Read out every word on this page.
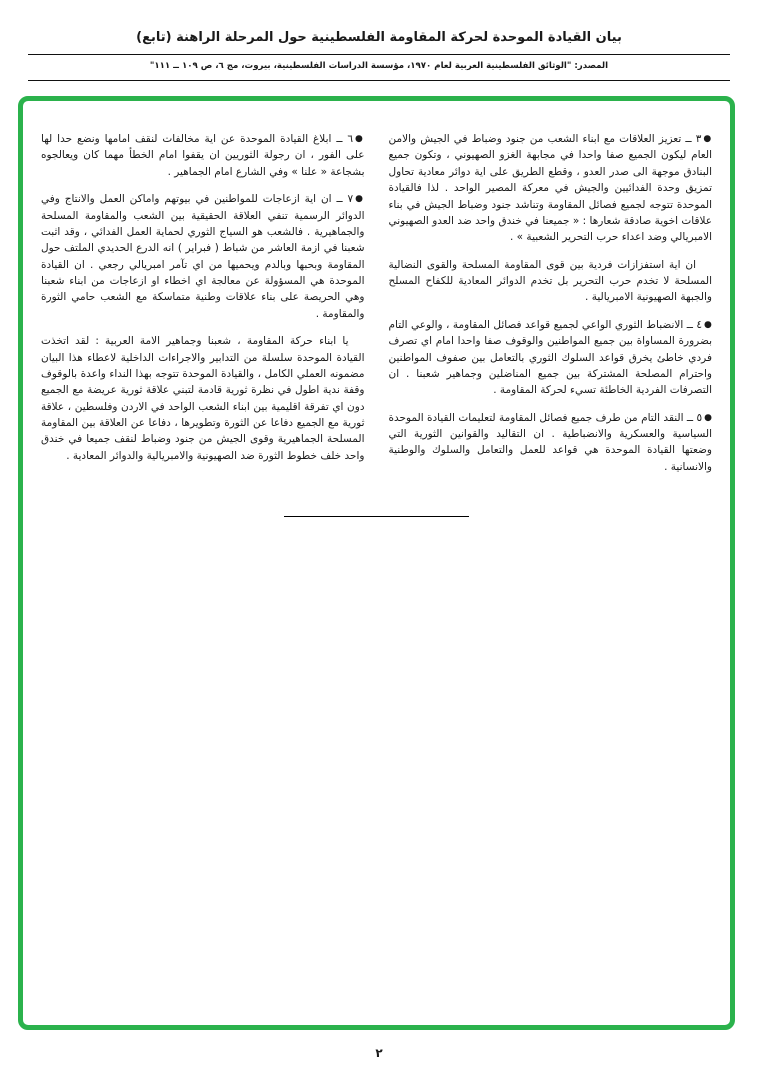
(تابع) بيان القيادة الموحدة لحركة المقاومة الفلسطينية حول المرحلة الراهنة
المصدر: "الوثائق الفلسطينية العربية لعام ١٩٧٠، مؤسسة الدراسات الفلسطينية، بيروت، مج ٦، ص ١٠٩ ــ ١١١"

●٣ ــ تعزيز العلاقات مع ابناء الشعب من جنود وضباط في الجيش والامن العام ليكون الجميع صفا واحدا في مجابهة الغزو الصهيوني ، وتكون جميع البنادق موجهة الى صدر العدو ، وقطع الطريق على اية دوائر معادية تحاول تمزيق وحدة الفدائيين والجيش في معركة المصير الواحد . لذا فالقيادة الموحدة تتوجه لجميع فصائل المقاومة وتناشد جنود وضباط الجيش في بناء علاقات اخوية صادقة شعارها : « جميعنا في خندق واحد ضد العدو الصهيوني الامبريالي وضد اعداء حرب التحرير الشعبية » .

ان اية استفزازات فردية بين قوى المقاومة المسلحة والقوى النضالية المسلحة لا تخدم حرب التحرير بل تخدم الدوائر المعادية للكفاح المسلح والجبهة الصهيونية الامبريالية .

●٤ ــ الانضباط الثوري الواعي لجميع قواعد فصائل المقاومة ، والوعي التام بضرورة المساواة بين جميع المواطنين والوقوف صفا واحدا امام اي تصرف فردي خاطئ يخرق قواعد السلوك الثوري بالتعامل بين صفوف المواطنين واحترام المصلحة المشتركة بين جميع المناضلين وجماهير شعبنا . ان التصرفات الفردية الخاطئة تسيء لحركة المقاومة .

●٥ ــ النقد التام من طرف جميع فصائل المقاومة لتعليمات القيادة الموحدة السياسية والعسكرية والانضباطية . ان التقاليد والقوانين الثورية التي وضعتها القيادة الموحدة هي قواعد للعمل والتعامل والسلوك والوطنية والانسانية .

●٦ ــ ابلاغ القيادة الموحدة عن اية مخالفات لنقف امامها ونضع حدا لها على الفور ، ان رجولة الثوريين ان يقفوا امام الخطأ مهما كان ويعالجوه بشجاعة « علنا » وفي الشارع امام الجماهير .

●٧ ــ ان اية ازعاجات للمواطنين في بيوتهم واماكن العمل والانتاج وفي الدوائر الرسمية تنفي العلاقة الحقيقية بين الشعب والمقاومة المسلحة والجماهيرية . فالشعب هو السياج الثوري لحماية العمل الفدائي ، وقد اثبت شعبنا في ازمة العاشر من شباط ( فبراير ) انه الدرع الحديدي الملتف حول المقاومة وبحبها وبالدم ويحميها من اي تآمر امبريالي رجعي . ان القيادة الموحدة هي المسؤولة عن معالجة اي اخطاء او ازعاجات من ابناء شعبنا وهي الحريصة على بناء علاقات وطنية متماسكة مع الشعب حامي الثورة والمقاومة .

يا ابناء حركة المقاومة ، شعبنا وجماهير الامة العربية : لقد اتخذت القيادة الموحدة سلسلة من التدابير والاجراءات الداخلية لاعطاء هذا البيان مضمونه العملي الكامل ، والقيادة الموحدة تتوجه بهذا النداء واعدة بالوقوف وقفة ندية اطول في نظرة ثورية قادمة لتبني علاقة ثورية عريضة مع الجميع دون اي تفرقة اقليمية بين ابناء الشعب الواحد في الاردن وفلسطين ، علاقة ثورية مع الجميع دفاعا عن الثورة وتطويرها ، دفاعا عن العلاقة بين المقاومة المسلحة الجماهيرية وقوى الجيش من جنود وضباط لنقف جميعا في خندق واحد خلف خطوط الثورة ضد الصهيونية والامبريالية والدوائر المعادية .

٢
